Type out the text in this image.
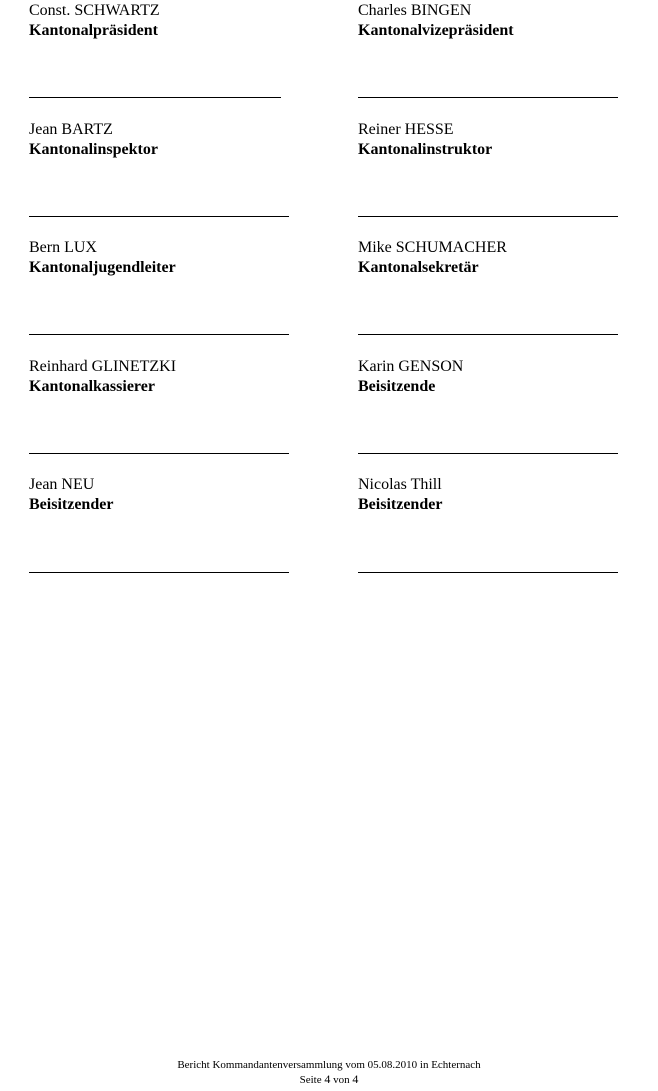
Const. SCHWARTZ
Kantonalpräsident
Charles BINGEN
Kantonalvizepräsident
Jean BARTZ
Kantonalinspektor
Reiner HESSE
Kantonalinstruktor
Bern LUX
Kantonaljugendleiter
Mike SCHUMACHER
Kantonalsekretär
Reinhard GLINETZKI
Kantonalkassierer
Karin GENSON
Beisitzende
Jean NEU
Beisitzender
Nicolas Thill
Beisitzender
Bericht Kommandantenversammlung vom 05.08.2010 in Echternach
Seite 4 von 4
